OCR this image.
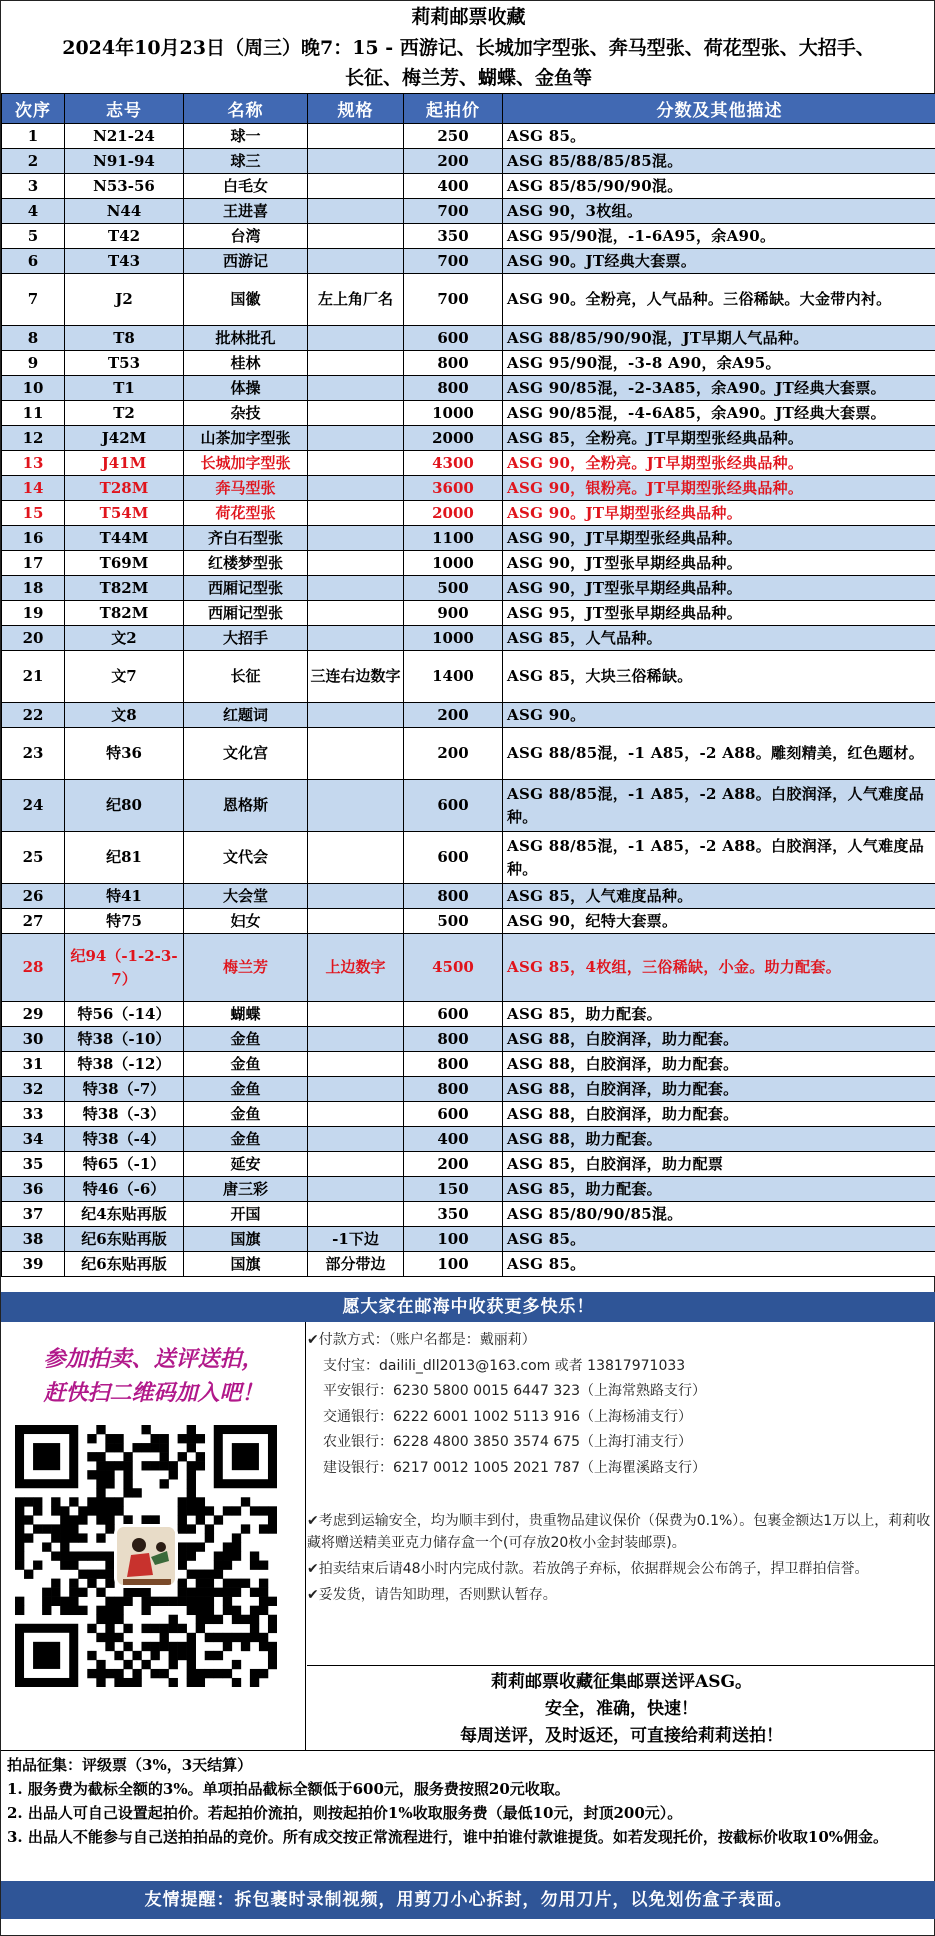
莉莉邮票收藏
2024年10月23日（周三）晚7：15 - 西游记、长城加字型张、奔马型张、荷花型张、大招手、
长征、梅兰芳、蝴蝶、金鱼等
次序	志号	名称	规格	起拍价	分数及其他描述
1	N21-24	球一		250	ASG 85。
2	N91-94	球三		200	ASG 85/88/85/85混。
3	N53-56	白毛女		400	ASG 85/85/90/90混。
4	N44	王进喜		700	ASG 90，3枚组。
5	T42	台湾		350	ASG 95/90混，-1-6A95，余A90。
6	T43	西游记		700	ASG 90。JT经典大套票。
7	J2	国徽	左上角厂名	700	ASG 90。全粉亮，人气品种。三俗稀缺。大金带内衬。
8	T8	批林批孔		600	ASG 88/85/90/90混，JT早期人气品种。
9	T53	桂林		800	ASG 95/90混，-3-8 A90，余A95。
10	T1	体操		800	ASG 90/85混，-2-3A85，余A90。JT经典大套票。
11	T2	杂技		1000	ASG 90/85混，-4-6A85，余A90。JT经典大套票。
12	J42M	山茶加字型张		2000	ASG 85，全粉亮。JT早期型张经典品种。
13	J41M	长城加字型张		4300	ASG 90，全粉亮。JT早期型张经典品种。
14	T28M	奔马型张		3600	ASG 90，银粉亮。JT早期型张经典品种。
15	T54M	荷花型张		2000	ASG 90。JT早期型张经典品种。
16	T44M	齐白石型张		1100	ASG 90，JT早期型张经典品种。
17	T69M	红楼梦型张		1000	ASG 90，JT型张早期经典品种。
18	T82M	西厢记型张		500	ASG 90，JT型张早期经典品种。
19	T82M	西厢记型张		900	ASG 95，JT型张早期经典品种。
20	文2	大招手		1000	ASG 85，人气品种。
21	文7	长征	三连右边数字	1400	ASG 85，大块三俗稀缺。
22	文8	红题词		200	ASG 90。
23	特36	文化宫		200	ASG 88/85混，-1 A85，-2 A88。雕刻精美，红色题材。
24	纪80	恩格斯		600	ASG 88/85混，-1 A85，-2 A88。白胶润泽，人气难度品种。
25	纪81	文代会		600	ASG 88/85混，-1 A85，-2 A88。白胶润泽，人气难度品种。
26	特41	大会堂		800	ASG 85，人气难度品种。
27	特75	妇女		500	ASG 90，纪特大套票。
28	纪94（-1-2-3-7）	梅兰芳	上边数字	4500	ASG 85，4枚组，三俗稀缺，小金。助力配套。
29	特56（-14）	蝴蝶		600	ASG 85，助力配套。
30	特38（-10）	金鱼		800	ASG 88，白胶润泽，助力配套。
31	特38（-12）	金鱼		800	ASG 88，白胶润泽，助力配套。
32	特38（-7）	金鱼		800	ASG 88，白胶润泽，助力配套。
33	特38（-3）	金鱼		600	ASG 88，白胶润泽，助力配套。
34	特38（-4）	金鱼		400	ASG 88，助力配套。
35	特65（-1）	延安		200	ASG 85，白胶润泽，助力配票
36	特46（-6）	唐三彩		150	ASG 85，助力配套。
37	纪4东贴再版	开国		350	ASG 85/80/90/85混。
38	纪6东贴再版	国旗	-1下边	100	ASG 85。
39	纪6东贴再版	国旗	部分带边	100	ASG 85。
愿大家在邮海中收获更多快乐！
参加拍卖、送评送拍，
赶快扫二维码加入吧！
✔付款方式：（账户名都是：戴丽莉）
支付宝：dailili_dll2013@163.com 或者 13817971033
平安银行：6230 5800 0015 6447 323（上海常熟路支行）
交通银行：6222 6001 1002 5113 916（上海杨浦支行）
农业银行：6228 4800 3850 3574 675（上海打浦支行）
建设银行：6217 0012 1005 2021 787（上海瞿溪路支行）

✔考虑到运输安全，均为顺丰到付，贵重物品建议保价（保费为0.1%）。包裹金额达1万以上，莉莉收藏将赠送精美亚克力储存盒一个(可存放20枚小金封装邮票)。

✔拍卖结束后请48小时内完成付款。若放鸽子弃标，依据群规会公布鸽子，捍卫群拍信誉。

✔妥发货，请告知助理，否则默认暂存。

莉莉邮票收藏征集邮票送评ASG。
安全，准确，快速！
每周送评，及时返还，可直接给莉莉送拍！
拍品征集：评级票（3%，3天结算）
1. 服务费为截标全额的3%。单项拍品截标全额低于600元，服务费按照20元收取。
2. 出品人可自己设置起拍价。若起拍价流拍，则按起拍价1%收取服务费（最低10元，封顶200元）。
3. 出品人不能参与自己送拍拍品的竞价。所有成交按正常流程进行，谁中拍谁付款谁提货。如若发现托价，按截标价收取10%佣金。
友情提醒：拆包裹时录制视频，用剪刀小心拆封，勿用刀片，以免划伤盒子表面。
